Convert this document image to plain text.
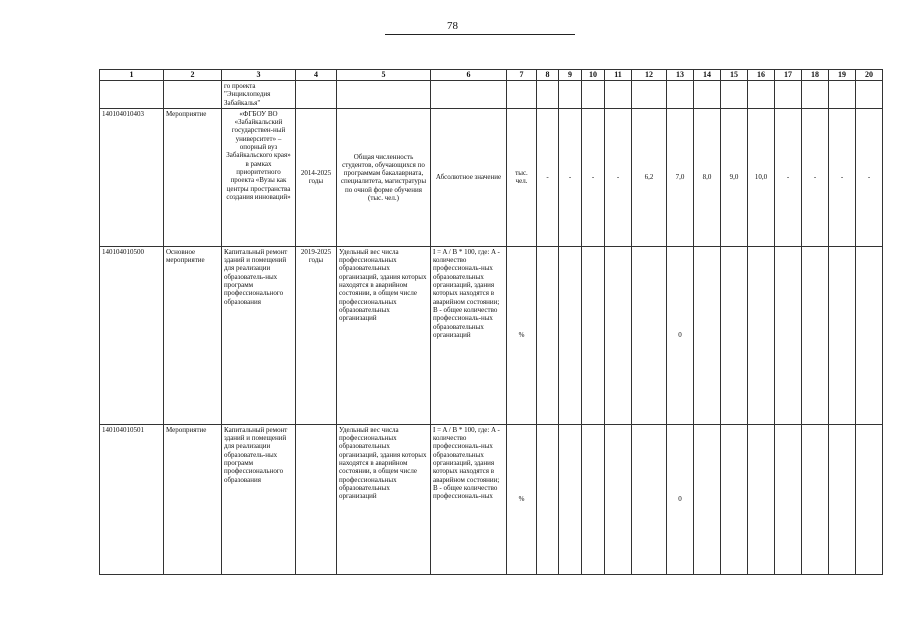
78
1	2	3	4	5	6	7	8	9	10	11	12	13	14	15	16	17	18	19	20
		го проекта "Энциклопедия Забайкалья"																	
140104010403	Мероприятие	«ФГБОУ ВО «Забайкальский государствен-ный университет» – опорный вуз Забайкальского края» в рамках приоритетного проекта «Вузы как центры пространства создания инноваций»	2014-2025 годы	Общая численность студентов, обучающихся по программам бакалавриата, специалитета, магистратуры по очной форме обучения (тыс. чел.)	Абсолютное значение	тыс. чел.	-	-	-	-	6,2	7,0	8,0	9,0	10,0	-	-	-	-
140104010500	Основное мероприятие	Капитальный ремонт зданий и помещений для реализации образователь-ных программ профессионального образования	2019-2025 годы	Удельный вес числа профессиональных образовательных организаций, здания которых находятся в аварийном состоянии, в общем числе профессиональных образовательных организаций	I = A / B * 100, где: A - количество профессиональ-ных образовательных организаций, здания которых находятся в аварийном состоянии; B - общее количество профессиональ-ных образовательных организаций	%						0							
140104010501	Мероприятие	Капитальный ремонт зданий и помещений для реализации образователь-ных программ профессионального образования		Удельный вес числа профессиональных образовательных организаций, здания которых находятся в аварийном состоянии, в общем числе профессиональных образовательных организаций	I = A / B * 100, где: A - количество профессиональ-ных образовательных организаций, здания которых находятся в аварийном состоянии; B - общее количество профессиональ-ных	%						0							
